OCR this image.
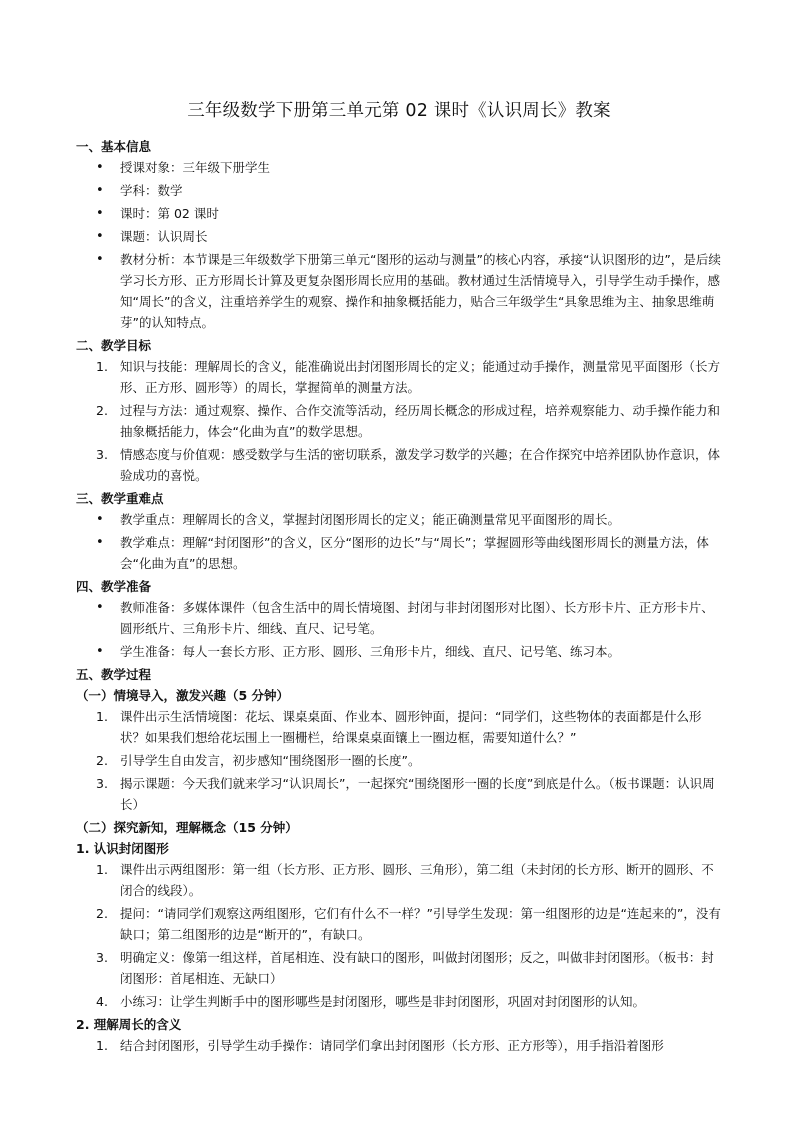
三年级数学下册第三单元第 02 课时《认识周长》教案
一、基本信息
•	授课对象：三年级下册学生
•	学科：数学
•	课时：第 02 课时
•	课题：认识周长
•	教材分析：本节课是三年级数学下册第三单元“图形的运动与测量”的核心内容，承接“认识图形的边”，是后续学习长方形、正方形周长计算及更复杂图形周长应用的基础。教材通过生活情境导入，引导学生动手操作，感知“周长”的含义，注重培养学生的观察、操作和抽象概括能力，贴合三年级学生“具象思维为主、抽象思维萌芽”的认知特点。
二、教学目标
1. 知识与技能：理解周长的含义，能准确说出封闭图形周长的定义；能通过动手操作，测量常见平面图形（长方形、正方形、圆形等）的周长，掌握简单的测量方法。
2. 过程与方法：通过观察、操作、合作交流等活动，经历周长概念的形成过程，培养观察能力、动手操作能力和抽象概括能力，体会“化曲为直”的数学思想。
3. 情感态度与价值观：感受数学与生活的密切联系，激发学习数学的兴趣；在合作探究中培养团队协作意识，体验成功的喜悦。
三、教学重难点
•	教学重点：理解周长的含义，掌握封闭图形周长的定义；能正确测量常见平面图形的周长。
•	教学难点：理解“封闭图形”的含义，区分“图形的边长”与“周长”；掌握圆形等曲线图形周长的测量方法，体会“化曲为直”的思想。
四、教学准备
•	教师准备：多媒体课件（包含生活中的周长情境图、封闭与非封闭图形对比图）、长方形卡片、正方形卡片、圆形纸片、三角形卡片、细线、直尺、记号笔。
•	学生准备：每人一套长方形、正方形、圆形、三角形卡片，细线、直尺、记号笔、练习本。
五、教学过程
（一）情境导入，激发兴趣（5 分钟）
1. 课件出示生活情境图：花坛、课桌桌面、作业本、圆形钟面，提问：“同学们，这些物体的表面都是什么形状？如果我们想给花坛围上一圈栅栏，给课桌桌面镶上一圈边框，需要知道什么？”
2. 引导学生自由发言，初步感知“围绕图形一圈的长度”。
3. 揭示课题：今天我们就来学习“认识周长”，一起探究“围绕图形一圈的长度”到底是什么。（板书课题：认识周长）
（二）探究新知，理解概念（15 分钟）
1. 认识封闭图形
1. 课件出示两组图形：第一组（长方形、正方形、圆形、三角形），第二组（未封闭的长方形、断开的圆形、不闭合的线段）。
2. 提问：“请同学们观察这两组图形，它们有什么不一样？”引导学生发现：第一组图形的边是“连起来的”，没有缺口；第二组图形的边是“断开的”，有缺口。
3. 明确定义：像第一组这样，首尾相连、没有缺口的图形，叫做封闭图形；反之，叫做非封闭图形。（板书：封闭图形：首尾相连、无缺口）
4. 小练习：让学生判断手中的图形哪些是封闭图形，哪些是非封闭图形，巩固对封闭图形的认知。
2. 理解周长的含义
1. 结合封闭图形，引导学生动手操作：请同学们拿出封闭图形（长方形、正方形等），用手指沿着图形
